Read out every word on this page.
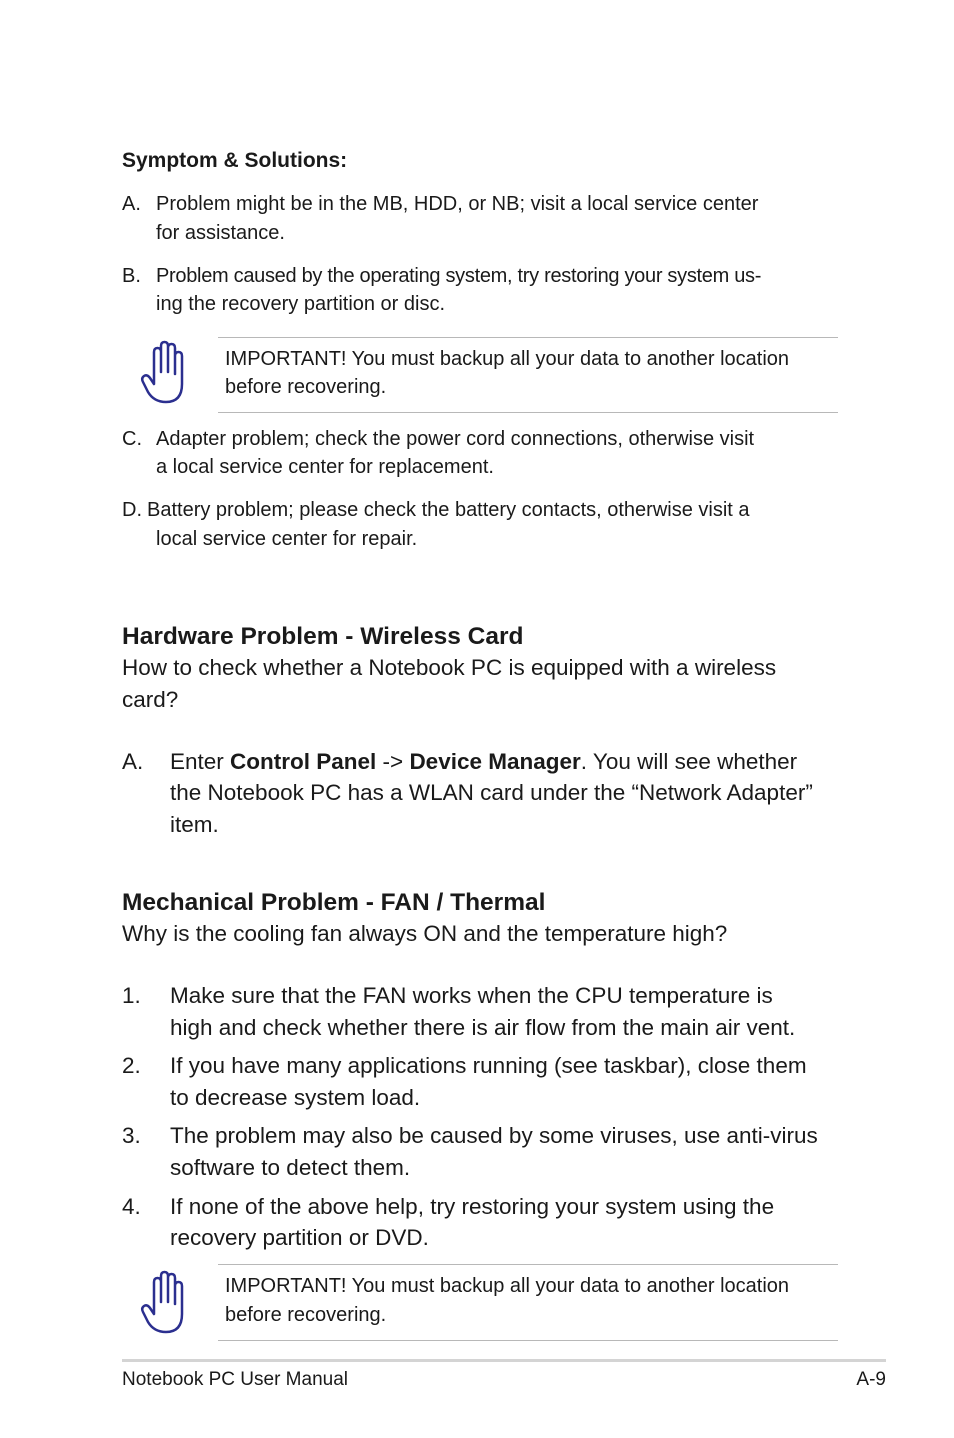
Symptom & Solutions:
A. Problem might be in the MB, HDD, or NB; visit a local service center
for assistance.
B. Problem caused by the operating system, try restoring your system us-
ing the recovery partition or disc.
IMPORTANT! You must backup all your data to another location
before recovering.
C. Adapter problem; check the power cord connections, otherwise visit
a local service center for replacement.
D. Battery problem; please check the battery contacts, otherwise visit a
local service center for repair.
Hardware Problem - Wireless Card
How to check whether a Notebook PC is equipped with a wireless
card?
A. Enter Control Panel -> Device Manager. You will see whether
the Notebook PC has a WLAN card under the “Network Adapter”
item.
Mechanical Problem - FAN / Thermal
Why is the cooling fan always ON and the temperature high?
1. Make sure that the FAN works when the CPU temperature is
high and check whether there is air flow from the main air vent.
2. If you have many applications running (see taskbar), close them
to decrease system load.
3. The problem may also be caused by some viruses, use anti-virus
software to detect them.
4. If none of the above help, try restoring your system using the
recovery partition or DVD.
IMPORTANT! You must backup all your data to another location
before recovering.
Notebook PC User Manual	A-9
